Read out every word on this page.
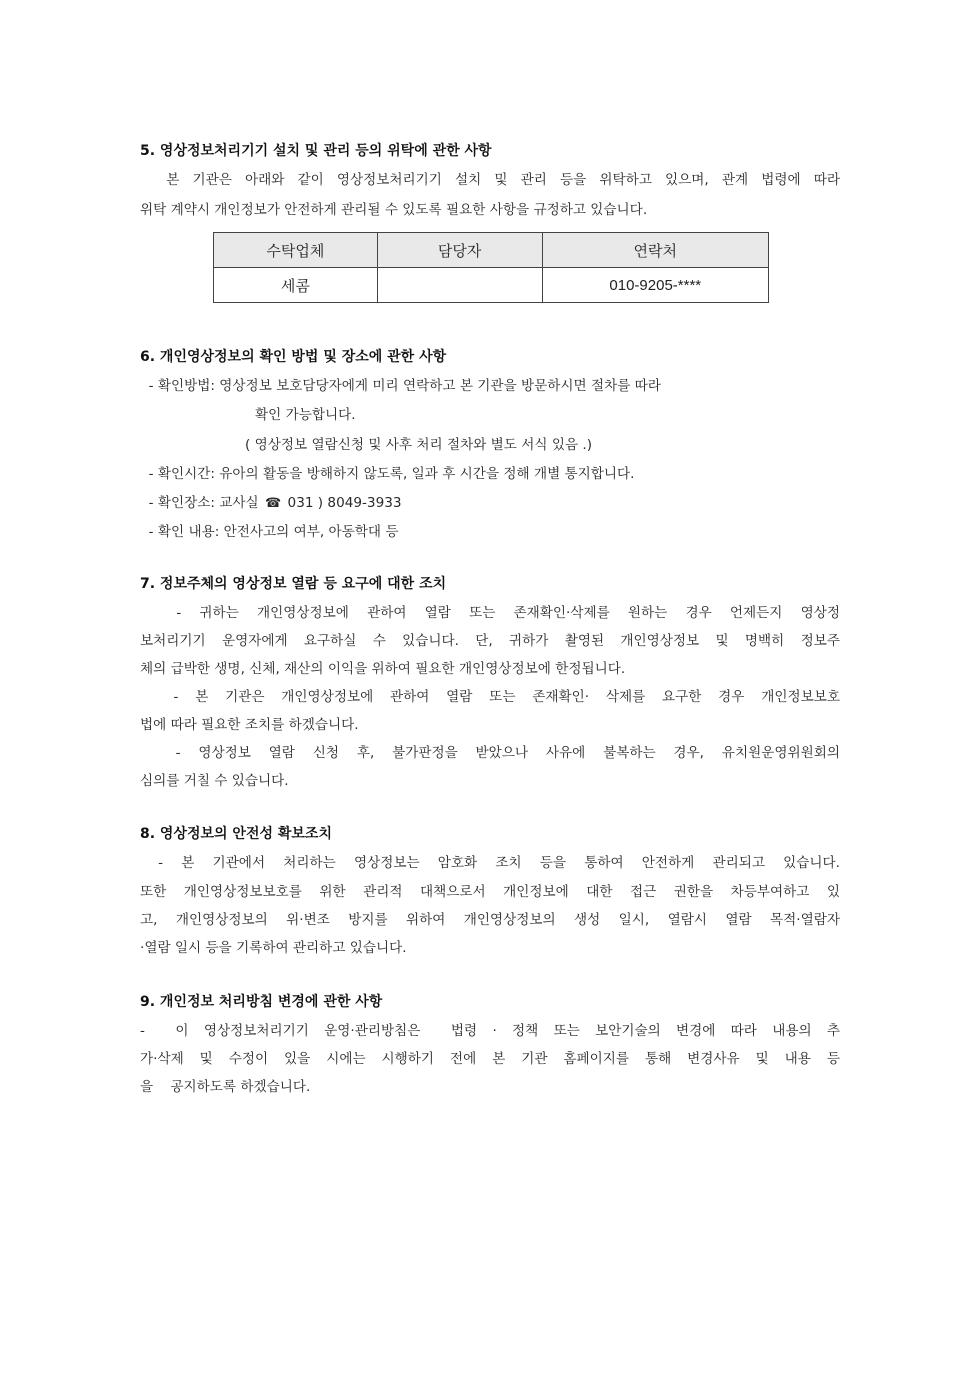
5. 영상정보처리기기 설치 및 관리 등의 위탁에 관한 사항
본 기관은 아래와 같이 영상정보처리기기 설치 및 관리 등을 위탁하고 있으며, 관계 법령에 따라
위탁 계약시 개인정보가 안전하게 관리될 수 있도록 필요한 사항을 규정하고 있습니다.
수탁업체	담당자	연락처
세콤		010-9205-****
6. 개인영상정보의 확인 방법 및 장소에 관한 사항
- 확인방법: 영상정보 보호담당자에게 미리 연락하고 본 기관을 방문하시면 절차를 따라
확인 가능합니다.
( 영상정보 열람신청 및 사후 처리 절차와 별도 서식 있음 .)
- 확인시간: 유아의 활동을 방해하지 않도록, 일과 후 시간을 정해 개별 통지합니다.
- 확인장소: 교사실 ☎ 031 ) 8049-3933
- 확인 내용: 안전사고의 여부, 아동학대 등
7. 정보주체의 영상정보 열람 등 요구에 대한 조치
- 귀하는 개인영상정보에 관하여 열람 또는 존재확인·삭제를 원하는 경우 언제든지 영상정
보처리기기 운영자에게 요구하실 수 있습니다. 단, 귀하가 촬영된 개인영상정보 및 명백히 정보주
체의 급박한 생명, 신체, 재산의 이익을 위하여 필요한 개인영상정보에 한정됩니다.
- 본 기관은 개인영상정보에 관하여 열람 또는 존재확인· 삭제를 요구한 경우 개인정보보호
법에 따라 필요한 조치를 하겠습니다.
- 영상정보 열람 신청 후, 불가판정을 받았으나 사유에 불복하는 경우, 유치원운영위원회의
심의를 거칠 수 있습니다.
8. 영상정보의 안전성 확보조치
- 본 기관에서 처리하는 영상정보는 암호화 조치 등을 통하여 안전하게 관리되고 있습니다.
또한 개인영상정보보호를 위한 관리적 대책으로서 개인정보에 대한 접근 권한을 차등부여하고 있
고, 개인영상정보의 위·변조 방지를 위하여 개인영상정보의 생성 일시, 열람시 열람 목적·열람자
·열람 일시 등을 기록하여 관리하고 있습니다.
9. 개인정보 처리방침 변경에 관한 사항
-  이 영상정보처리기기 운영·관리방침은  법령 · 정책 또는 보안기술의 변경에 따라 내용의 추
가·삭제 및 수정이 있을 시에는 시행하기 전에 본 기관 홈페이지를 통해 변경사유 및 내용 등
을    공지하도록 하겠습니다.
